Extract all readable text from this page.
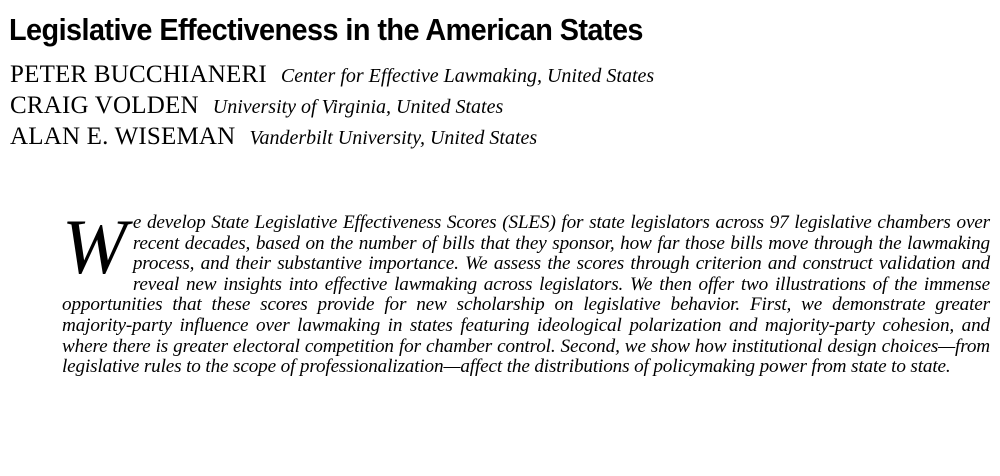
Legislative Effectiveness in the American States
PETER BUCCHIANERI Center for Effective Lawmaking, United States
CRAIG VOLDEN University of Virginia, United States
ALAN E. WISEMAN Vanderbilt University, United States

We develop State Legislative Effectiveness Scores (SLES) for state legislators across 97 legislative chambers over recent decades, based on the number of bills that they sponsor, how far those bills move through the lawmaking process, and their substantive importance. We assess the scores through criterion and construct validation and reveal new insights into effective lawmaking across legislators. We then offer two illustrations of the immense opportunities that these scores provide for new scholarship on legislative behavior. First, we demonstrate greater majority-party influence over lawmaking in states featuring ideological polarization and majority-party cohesion, and where there is greater electoral competition for chamber control. Second, we show how institutional design choices—from legislative rules to the scope of professionalization—affect the distributions of policymaking power from state to state.
